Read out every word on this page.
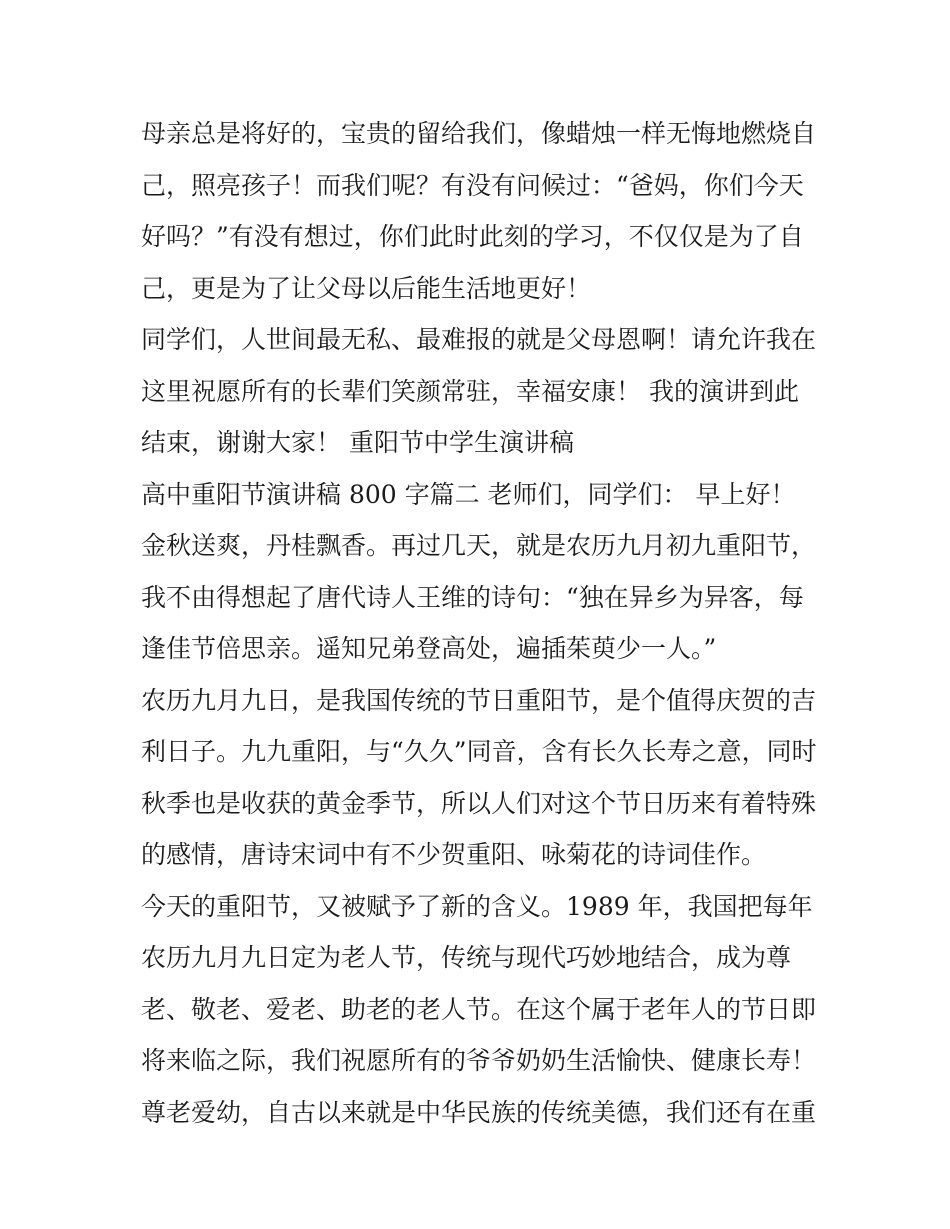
母亲总是将好的，宝贵的留给我们，像蜡烛一样无悔地燃烧自
己，照亮孩子！而我们呢？有没有问候过：“爸妈，你们今天
好吗？”有没有想过，你们此时此刻的学习，不仅仅是为了自
己，更是为了让父母以后能生活地更好！
同学们，人世间最无私、最难报的就是父母恩啊！请允许我在
这里祝愿所有的长辈们笑颜常驻，幸福安康！ 我的演讲到此
结束，谢谢大家！ 重阳节中学生演讲稿
高中重阳节演讲稿 800 字篇二 老师们，同学们： 早上好！
金秋送爽，丹桂飘香。再过几天，就是农历九月初九重阳节，
我不由得想起了唐代诗人王维的诗句：“独在异乡为异客，每
逢佳节倍思亲。遥知兄弟登高处，遍插茱萸少一人。”
农历九月九日，是我国传统的节日重阳节，是个值得庆贺的吉
利日子。九九重阳，与“久久”同音，含有长久长寿之意，同时
秋季也是收获的黄金季节，所以人们对这个节日历来有着特殊
的感情，唐诗宋词中有不少贺重阳、咏菊花的诗词佳作。
今天的重阳节，又被赋予了新的含义。1989 年，我国把每年
农历九月九日定为老人节，传统与现代巧妙地结合，成为尊
老、敬老、爱老、助老的老人节。在这个属于老年人的节日即
将来临之际，我们祝愿所有的爷爷奶奶生活愉快、健康长寿！
尊老爱幼，自古以来就是中华民族的传统美德，我们还有在重
